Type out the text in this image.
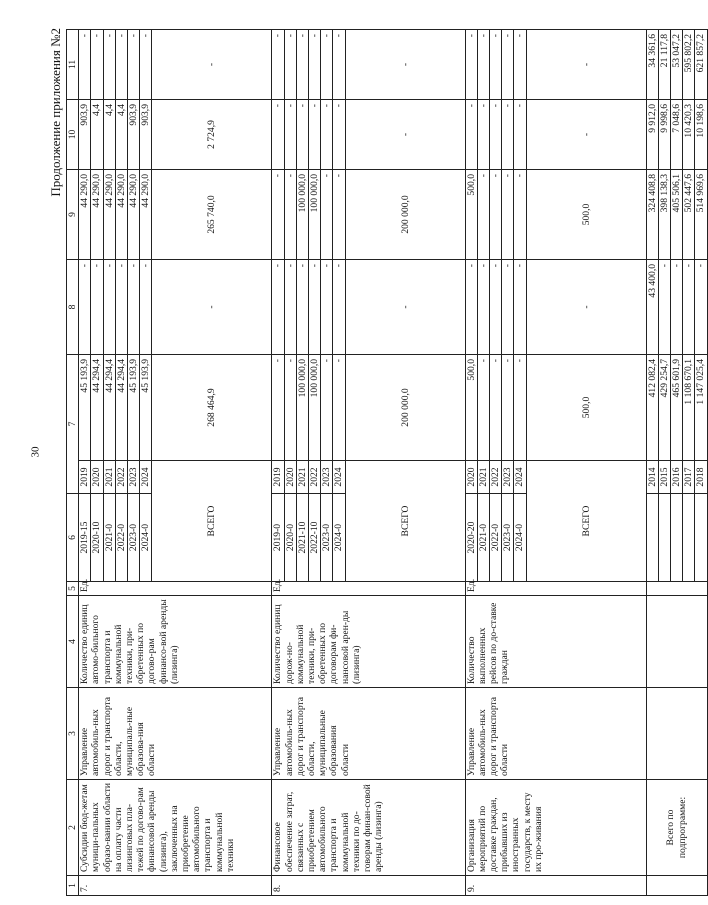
30
Продолжение приложения №2
1	2	3	4	5	6	7		8	9	10	11
7.	Субсидии бюд-жетам муници-пальных образо-вании области на оплату части лизинговых пла-тежей по догово-рам финансовой аренды (лизинга), заключенных на приобретение автомобильного транспорта и коммунальной техники	Управление автомобиль-ных дорог и транспорта области, муниципаль-ные образова-ния области	Количество единиц автомо-бильного транспорта и коммунальной техники, при-обретенных по догово-рам финансо-вой аренды (лизинга)	Ед.	2019-15	2019	45 193,9	-	44 290,0	903,9	-
					2020-10	2020	44 294,4	-	44 290,0	4,4	-
					2021-0	2021	44 294,4	-	44 290,0	4,4	-
					2022-0	2022	44 294,4	-	44 290,0	4,4	-
					2023-0	2023	45 193,9	-	44 290,0	903,9	-
					2024-0	2024	45 193,9	-	44 290,0	903,9	-
					ВСЕГО		268 464,9	-	265 740,0	2 724,9	-
8.	Финансовое обеспечение затрат, связанных с приобретением автомобильного транспорта и коммунальной техники по до-говорам финан-совой аренды (лизинга)	Управление автомобиль-ных дорог и транспорта области, муниципальные образования области	Количество единиц дорож-но-коммунальной техники, при-обретенных по договорам фи-нансовой арен-ды (лизинга)	Ед.	2019-0	2019	-	-	-	-	-
					2020-0	2020	-	-	-	-	-
					2021-10	2021	100 000,0	-	100 000,0	-	-
					2022-10	2022	100 000,0	-	100 000,0	-	-
					2023-0	2023	-	-	-	-	-
					2024-0	2024	-	-	-	-	-
					ВСЕГО		200 000,0	-	200 000,0	-	-
9.	Организация мероприятий по доставке граждан, прибывших из иностранных государств, к месту их про-живания	Управление автомобиль-ных дорог и транспорта области	Количество выполненных рейсов по до-ставке граждан	Ед.	2020-20	2020	500,0	-	500,0	-	-
					2021-0	2021	-	-	-	-	-
					2022-0	2022	-	-	-	-	-
					2023-0	2023	-	-	-	-	-
					2024-0	2024	-	-	-	-	-
					ВСЕГО		500,0	-	500,0	-	-
	Всего по подпрограмме:					2014	412 082,4	43 400,0	324 408,8	9 912,0	34 361,6
						2015	429 254,7	-	398 138,3	9 998,6	21 117,8
						2016	465 601,9	-	405 506,1	7 048,6	53 047,2
						2017	1 108 670,1	-	502 447,6	10 420,3	595 802,2
						2018	1 147 025,4	-	514 969,6	10 198,6	621 857,2
